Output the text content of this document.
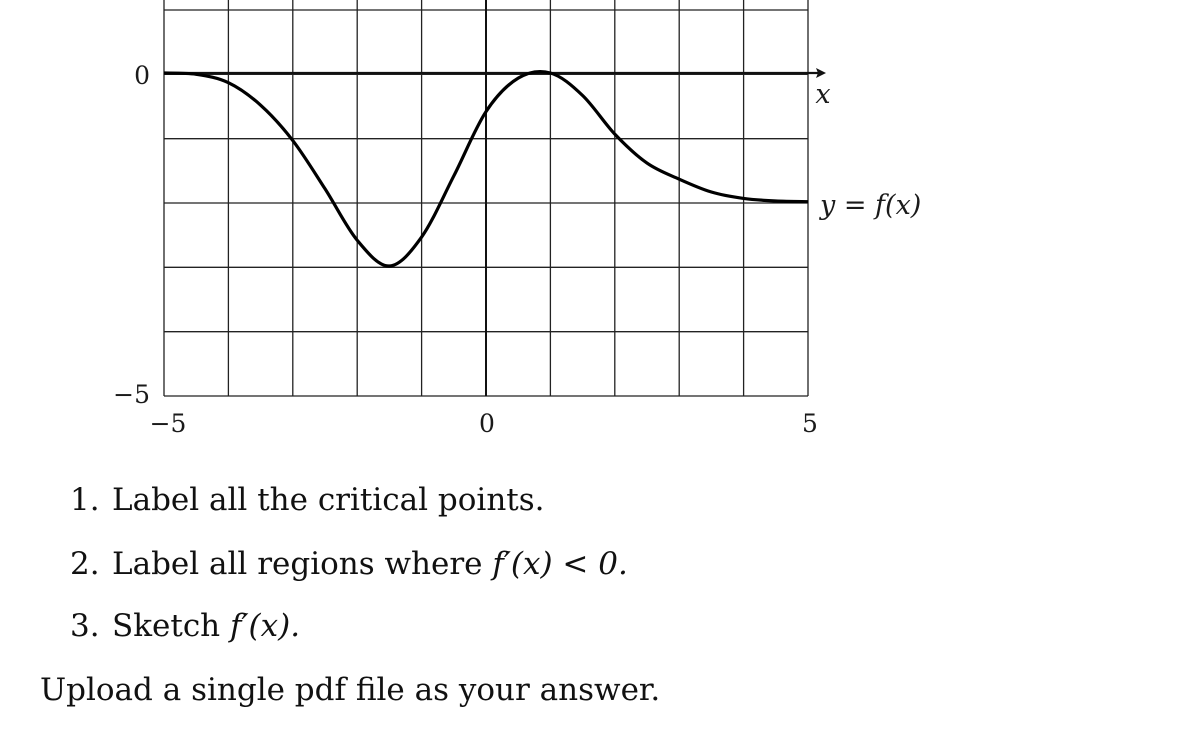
0
−5
−5	0	5
x
y = f(x)
1. Label all the critical points.
2. Label all regions where f′(x) < 0.
3. Sketch f′(x).
Upload a single pdf file as your answer.
